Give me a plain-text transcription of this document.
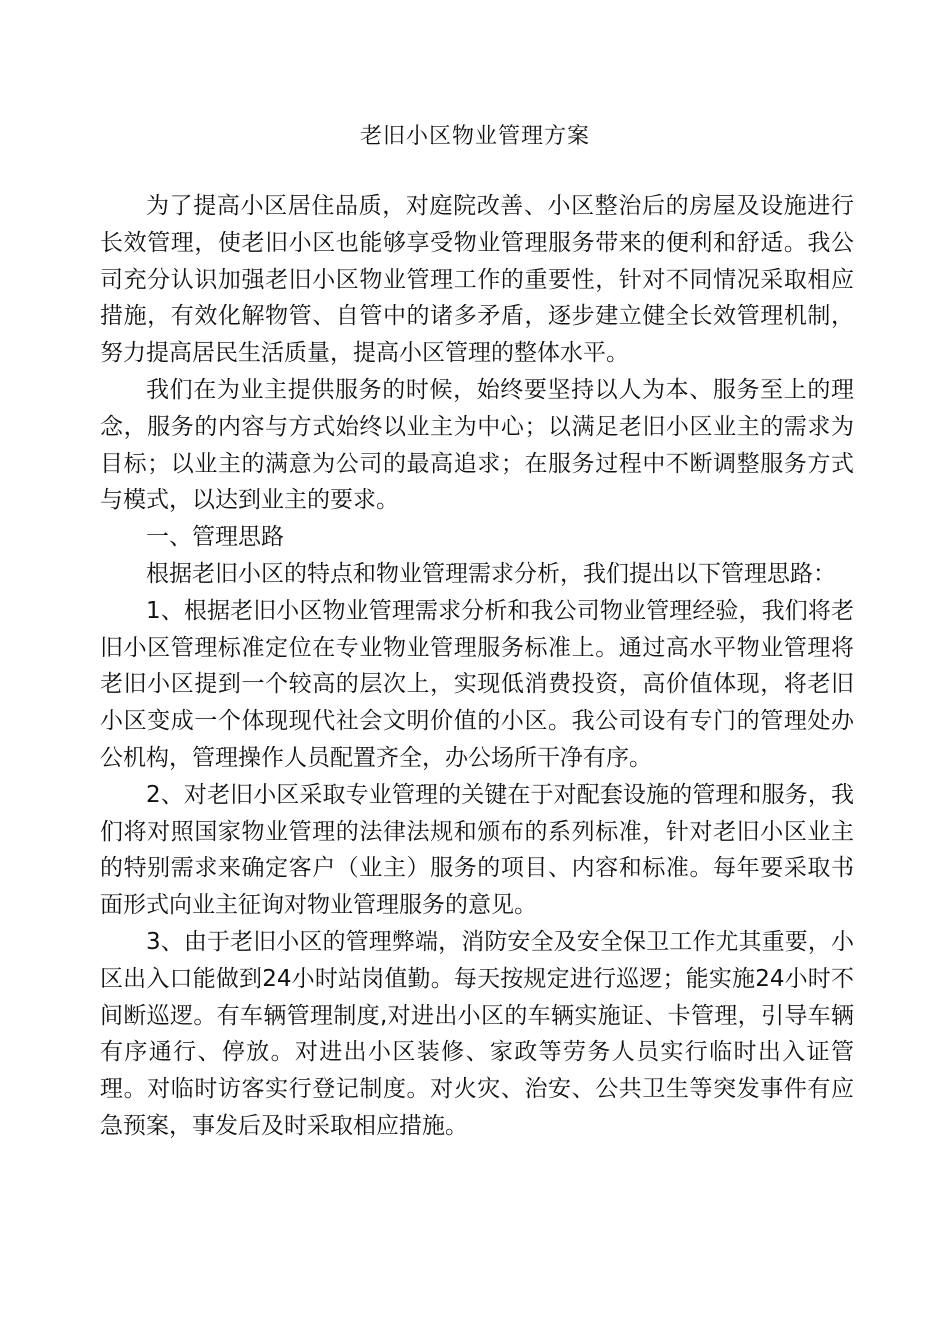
老旧小区物业管理方案

为了提高小区居住品质，对庭院改善、小区整治后的房屋及设施进行长效管理，使老旧小区也能够享受物业管理服务带来的便利和舒适。我公司充分认识加强老旧小区物业管理工作的重要性，针对不同情况采取相应措施，有效化解物管、自管中的诸多矛盾，逐步建立健全长效管理机制，努力提高居民生活质量，提高小区管理的整体水平。

我们在为业主提供服务的时候，始终要坚持以人为本、服务至上的理念，服务的内容与方式始终以业主为中心；以满足老旧小区业主的需求为目标；以业主的满意为公司的最高追求；在服务过程中不断调整服务方式与模式，以达到业主的要求。

一、管理思路

根据老旧小区的特点和物业管理需求分析，我们提出以下管理思路：

1、根据老旧小区物业管理需求分析和我公司物业管理经验，我们将老旧小区管理标准定位在专业物业管理服务标准上。通过高水平物业管理将老旧小区提到一个较高的层次上，实现低消费投资，高价值体现，将老旧小区变成一个体现现代社会文明价值的小区。我公司设有专门的管理处办公机构，管理操作人员配置齐全，办公场所干净有序。

2、对老旧小区采取专业管理的关键在于对配套设施的管理和服务，我们将对照国家物业管理的法律法规和颁布的系列标准，针对老旧小区业主的特别需求来确定客户（业主）服务的项目、内容和标准。每年要采取书面形式向业主征询对物业管理服务的意见。

3、由于老旧小区的管理弊端，消防安全及安全保卫工作尤其重要，小区出入口能做到24小时站岗值勤。每天按规定进行巡逻；能实施24小时不间断巡逻。有车辆管理制度,对进出小区的车辆实施证、卡管理，引导车辆有序通行、停放。对进出小区装修、家政等劳务人员实行临时出入证管理。对临时访客实行登记制度。对火灾、治安、公共卫生等突发事件有应急预案，事发后及时采取相应措施。
